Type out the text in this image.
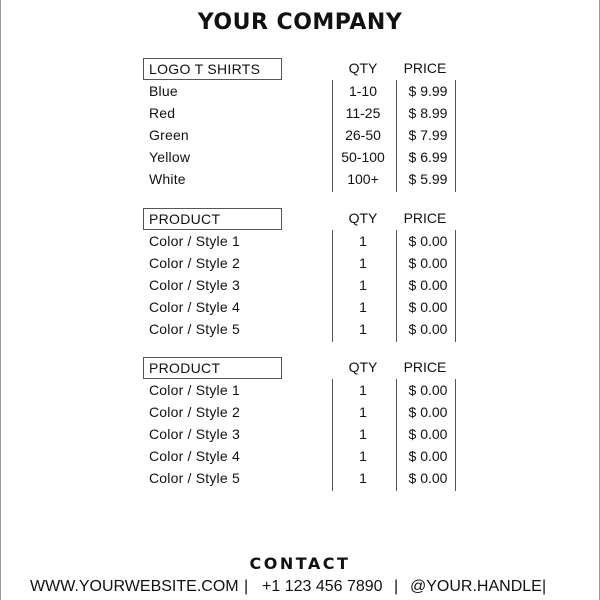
YOUR COMPANY
LOGO T SHIRTS	QTY	PRICE
Blue	1-10	$ 9.99
Red	11-25	$ 8.99
Green	26-50	$ 7.99
Yellow	50-100	$ 6.99
White	100+	$ 5.99
PRODUCT	QTY	PRICE
Color / Style 1	1	$ 0.00
Color / Style 2	1	$ 0.00
Color / Style 3	1	$ 0.00
Color / Style 4	1	$ 0.00
Color / Style 5	1	$ 0.00
PRODUCT	QTY	PRICE
Color / Style 1	1	$ 0.00
Color / Style 2	1	$ 0.00
Color / Style 3	1	$ 0.00
Color / Style 4	1	$ 0.00
Color / Style 5	1	$ 0.00
CONTACT
WWW.YOURWEBSITE.COM | +1 123 456 7890 | @YOUR.HANDLE |
